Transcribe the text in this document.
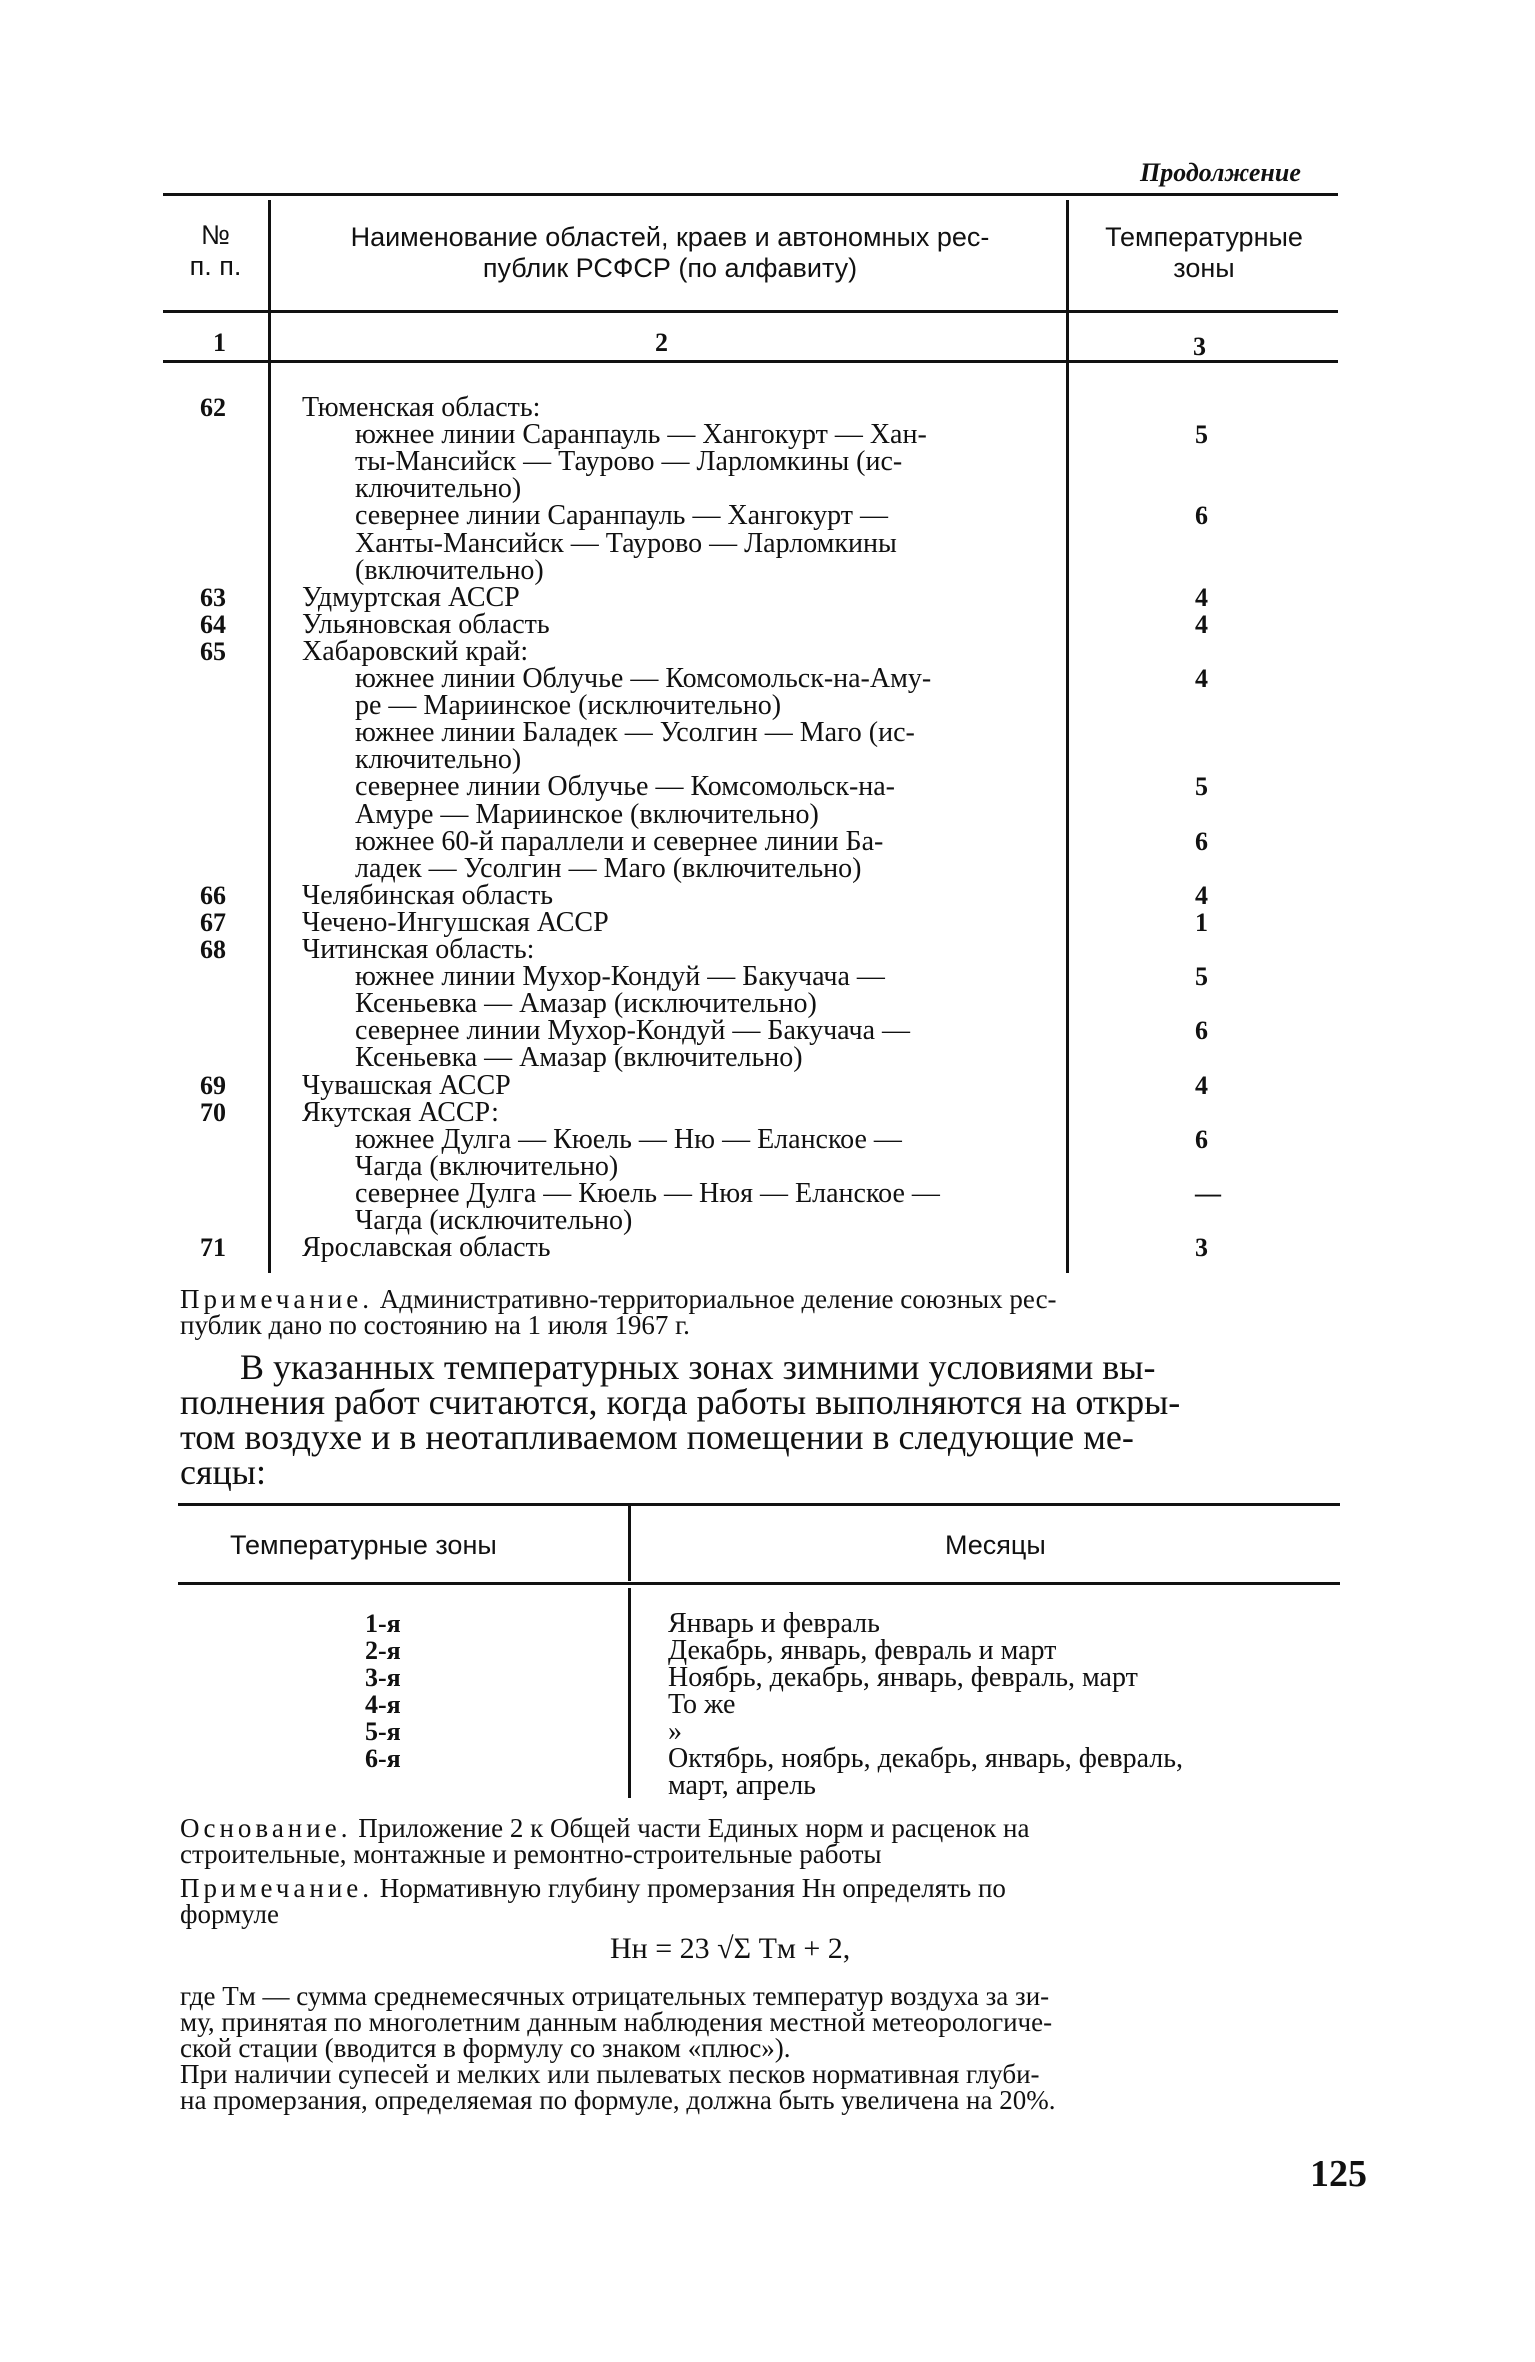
Продолжение
№
п. п.
Наименование областей, краев и автономных рес-
публик РСФСР (по алфавиту)
Температурные
зоны
1	2	3
62	Тюменская область:
южнее линии Саранпауль — Хангокурт — Хан-	5
ты-Мансийск — Таурово — Ларломкины (ис-
ключительно)
севернее линии Саранпауль — Хангокурт —	6
Ханты-Мансийск — Таурово — Ларломкины
(включительно)
63	Удмуртская АССР	4
64	Ульяновская область	4
65	Хабаровский край:
южнее линии Облучье — Комсомольск-на-Аму-	4
ре — Мариинское (исключительно)
южнее линии Баладек — Усолгин — Маго (ис-
ключительно)
севернее линии Облучье — Комсомольск-на-	5
Амуре — Мариинское (включительно)
южнее 60-й параллели и севернее линии Ба-	6
ладек — Усолгин — Маго (включительно)
66	Челябинская область	4
67	Чечено-Ингушская АССР	1
68	Читинская область:
южнее линии Мухор-Кондуй — Бакучача —	5
Ксеньевка — Амазар (исключительно)
севернее линии Мухор-Кондуй — Бакучача —	6
Ксеньевка — Амазар (включительно)
69	Чувашская АССР	4
70	Якутская АССР:
южнее Дулга — Кюель — Ню — Еланское —	6
Чагда (включительно)
севернее Дулга — Кюель — Нюя — Еланское —	—
Чагда (исключительно)
71	Ярославская область	3
Примечание. Административно-территориальное деление союзных рес-
публик дано по состоянию на 1 июля 1967 г.
В указанных температурных зонах зимними условиями вы-
полнения работ считаются, когда работы выполняются на откры-
том воздухе и в неотапливаемом помещении в следующие ме-
сяцы:
Температурные зоны	Месяцы
1-я	Январь и февраль
2-я	Декабрь, январь, февраль и март
3-я	Ноябрь, декабрь, январь, февраль, март
4-я	То же
5-я	»
6-я	Октябрь, ноябрь, декабрь, январь, февраль,
март, апрель
Основание. Приложение 2 к Общей части Единых норм и расценок на
строительные, монтажные и ремонтно-строительные работы
Примечание. Нормативную глубину промерзания Hн определять по
формуле
Hн = 23 √Σ Tм + 2,
где Tм — сумма среднемесячных отрицательных температур воздуха за зи-
му, принятая по многолетним данным наблюдения местной метеорологиче-
ской стации (вводится в формулу со знаком «плюс»).
При наличии супесей и мелких или пылеватых песков нормативная глуби-
на промерзания, определяемая по формуле, должна быть увеличена на 20%.
125
